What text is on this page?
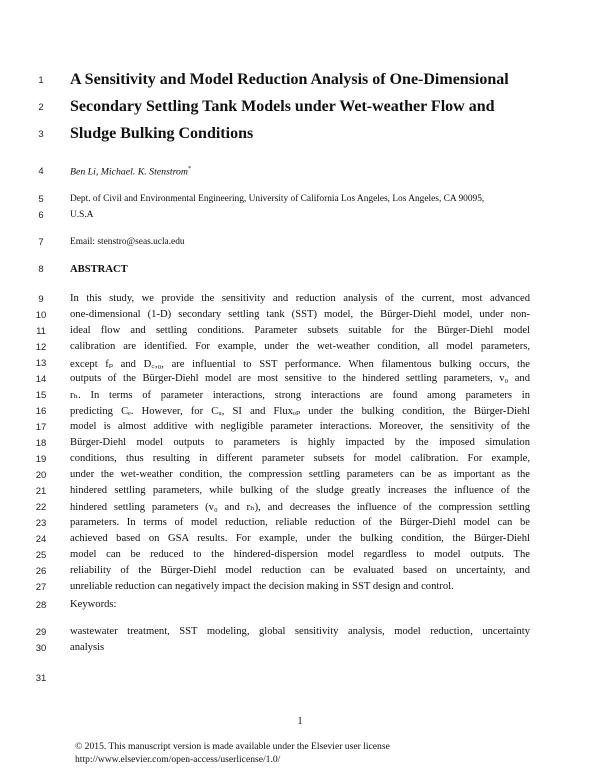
1
2
3
4
5
6
7
8
9
10
11
12
13
14
15
16
17
18
19
20
21
22
23
24
25
26
27
28
29
30
31
A Sensitivity and Model Reduction Analysis of One-Dimensional
Secondary Settling Tank Models under Wet-weather Flow and
Sludge Bulking Conditions
Ben Li, Michael. K. Stenstrom*
Dept. of Civil and Environmental Engineering, University of California Los Angeles, Los Angeles, CA 90095,
U.S.A
Email: stenstro@seas.ucla.edu
ABSTRACT
In this study, we provide the sensitivity and reduction analysis of the current, most advanced
one-dimensional (1-D) secondary settling tank (SST) model, the Bürger-Diehl model, under non-
ideal flow and settling conditions. Parameter subsets suitable for the Bürger-Diehl model
calibration are identified. For example, under the wet-weather condition, all model parameters,
except fₚ and D꜀,₀, are influential to SST performance. When filamentous bulking occurs, the
outputs of the Bürger-Diehl model are most sensitive to the hindered settling parameters, v₀ and
rₕ. In terms of parameter interactions, strong interactions are found among parameters in
predicting Cₑ. However, for Cᵤ, SI and Fluxₒₚ under the bulking condition, the Bürger-Diehl
model is almost additive with negligible parameter interactions. Moreover, the sensitivity of the
Bürger-Diehl model outputs to parameters is highly impacted by the imposed simulation
conditions, thus resulting in different parameter subsets for model calibration. For example,
under the wet-weather condition, the compression settling parameters can be as important as the
hindered settling parameters, while bulking of the sludge greatly increases the influence of the
hindered settling parameters (v₀ and rₕ), and decreases the influence of the compression settling
parameters. In terms of model reduction, reliable reduction of the Bürger-Diehl model can be
achieved based on GSA results. For example, under the bulking condition, the Bürger-Diehl
model can be reduced to the hindered-dispersion model regardless to model outputs. The
reliability of the Bürger-Diehl model reduction can be evaluated based on uncertainty, and
unreliable reduction can negatively impact the decision making in SST design and control.
Keywords:
wastewater treatment, SST modeling, global sensitivity analysis, model reduction, uncertainty
analysis
1
© 2015. This manuscript version is made available under the Elsevier user license
http://www.elsevier.com/open-access/userlicense/1.0/
